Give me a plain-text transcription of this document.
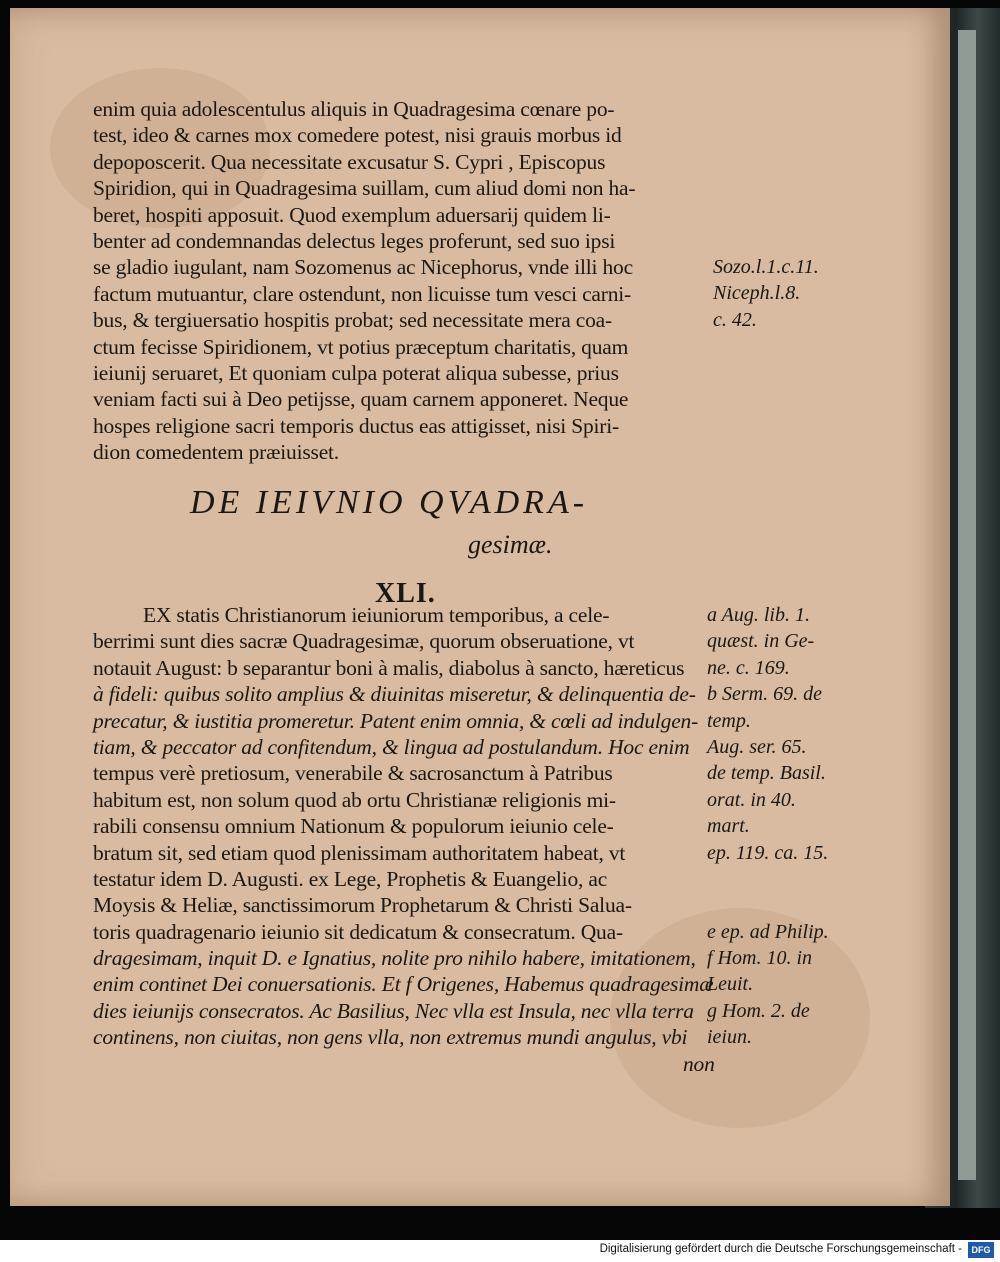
enim quia adolescentulus aliquis in Quadragesima cœnare po-
test, ideo & carnes mox comedere potest, nisi grauis morbus id
depoposcerit. Qua necessitate excusatur S. Cypri , Episcopus
Spiridion, qui in Quadragesima suillam, cum aliud domi non ha-
beret, hospiti apposuit. Quod exemplum aduersarij quidem li-
benter ad condemnandas delectus leges proferunt, sed suo ipsi
se gladio iugulant, nam Sozomenus ac Nicephorus, vnde illi hoc
factum mutuantur, clare ostendunt, non licuisse tum vesci carni-
bus, & tergiuersatio hospitis probat; sed necessitate mera coa-
ctum fecisse Spiridionem, vt potius præceptum charitatis, quam
ieiunij seruaret, Et quoniam culpa poterat aliqua subesse, prius
veniam facti sui à Deo petijsse, quam carnem apponeret. Neque
hospes religione sacri temporis ductus eas attigisset, nisi Spiri-
dion comedentem præiuisset.
Sozo.l.1.c.11.
Niceph.l.8.
c. 42.
DE IEIVNIO QVADRA-
gesimæ.
XLI.
EX statis Christianorum ieiuniorum temporibus, a cele-
berrimi sunt dies sacræ Quadragesimæ, quorum obseruatione, vt
notauit August: b separantur boni à malis, diabolus à sancto, hæreticus
à fideli: quibus solito amplius & diuinitas miseretur, & delinquentia de-
precatur, & iustitia promeretur. Patent enim omnia, & cœli ad indulgen-
tiam, & peccator ad confitendum, & lingua ad postulandum. Hoc enim
tempus verè pretiosum, venerabile & sacrosanctum à Patribus
habitum est, non solum quod ab ortu Christianæ religionis mi-
rabili consensu omnium Nationum & populorum ieiunio cele-
bratum sit, sed etiam quod plenissimam authoritatem habeat, vt
testatur idem D. Augusti. ex Lege, Prophetis & Euangelio, ac
Moysis & Heliæ, sanctissimorum Prophetarum & Christi Salua-
toris quadragenario ieiunio sit dedicatum & consecratum. Qua-
dragesimam, inquit D. e Ignatius, nolite pro nihilo habere, imitationem,
enim continet Dei conuersationis. Et f Origenes, Habemus quadragesimæ
dies ieiunijs consecratos. Ac Basilius, Nec vlla est Insula, nec vlla terra
continens, non ciuitas, non gens vlla, non extremus mundi angulus, vbi
non
a Aug. lib. 1.
quæst. in Ge-
ne. c. 169.
b Serm. 69. de
temp.
Aug. ser. 65.
de temp. Basil.
orat. in 40.
mart.
ep. 119. ca. 15.
e ep. ad Philip.
f Hom. 10. in
Leuit.
g Hom. 2. de
ieiun.
Digitalisierung gefördert durch die Deutsche Forschungsgemeinschaft -	DFG
